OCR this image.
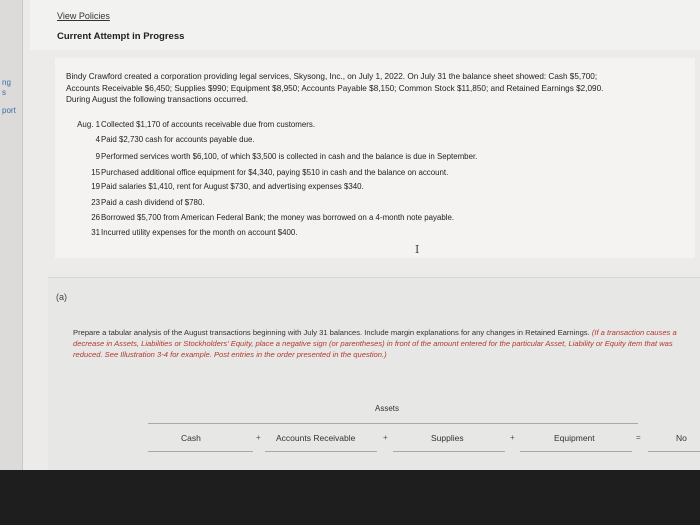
ng
s
port
View Policies
Current Attempt in Progress
Bindy Crawford created a corporation providing legal services, Skysong, Inc., on July 1, 2022. On July 31 the balance sheet showed: Cash $5,700;
Accounts Receivable $6,450; Supplies $990; Equipment $8,950; Accounts Payable $8,150; Common Stock $11,850; and Retained Earnings $2,090.
During August the following transactions occurred.
Aug. 1 Collected $1,170 of accounts receivable due from customers.
4 Paid $2,730 cash for accounts payable due.
9 Performed services worth $6,100, of which $3,500 is collected in cash and the balance is due in September.
15 Purchased additional office equipment for $4,340, paying $510 in cash and the balance on account.
19 Paid salaries $1,410, rent for August $730, and advertising expenses $340.
23 Paid a cash dividend of $780.
26 Borrowed $5,700 from American Federal Bank; the money was borrowed on a 4-month note payable.
31 Incurred utility expenses for the month on account $400.
I
(a)
Prepare a tabular analysis of the August transactions beginning with July 31 balances. Include margin explanations for any changes in Retained Earnings. (If a transaction causes a decrease in Assets, Liabilities or Stockholders' Equity, place a negative sign (or parentheses) in front of the amount entered for the particular Asset, Liability or Equity item that was reduced. See Illustration 3-4 for example. Post entries in the order presented in the question.)
Assets
Cash	+ Accounts Receivable	+	Supplies	+	Equipment	=	No
